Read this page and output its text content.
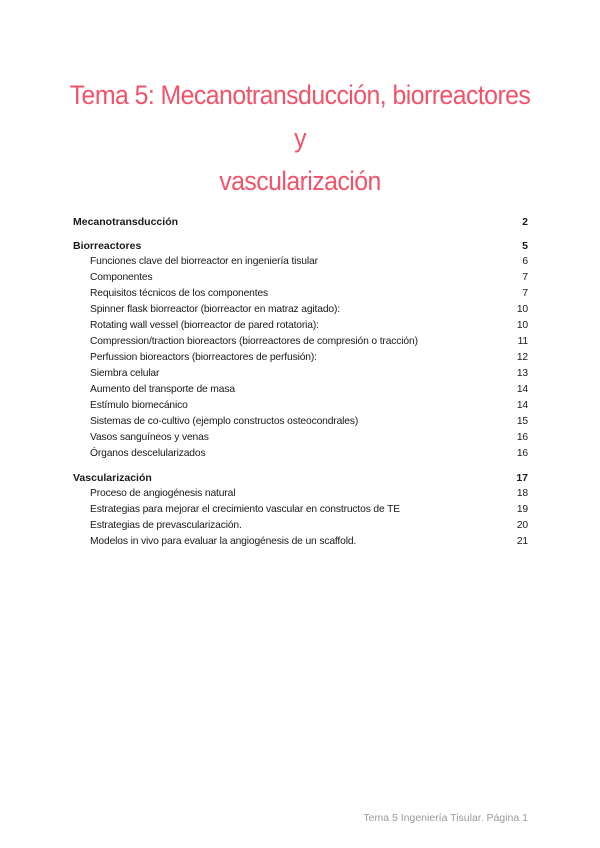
Tema 5: Mecanotransducción, biorreactores y
vascularización
Mecanotransducción	2
Biorreactores	5
Funciones clave del biorreactor en ingeniería tisular	6
Componentes	7
Requisitos técnicos de los componentes	7
Spinner flask biorreactor (biorreactor en matraz agitado):	10
Rotating wall vessel (biorreactor de pared rotatoria):	10
Compression/traction bioreactors (biorreactores de compresión o tracción)	11
Perfussion bioreactors (biorreactores de perfusión):	12
Siembra celular	13
Aumento del transporte de masa	14
Estímulo biomecánico	14
Sistemas de co-cultivo (ejemplo constructos osteocondrales)	15
Vasos sanguíneos y venas	16
Órganos descelularizados	16
Vascularización	17
Proceso de angiogénesis natural	18
Estrategias para mejorar el crecimiento vascular en constructos de TE	19
Estrategias de prevascularización.	20
Modelos in vivo para evaluar la angiogénesis de un scaffold.	21
Tema 5 Ingeniería Tisular. Página 1
